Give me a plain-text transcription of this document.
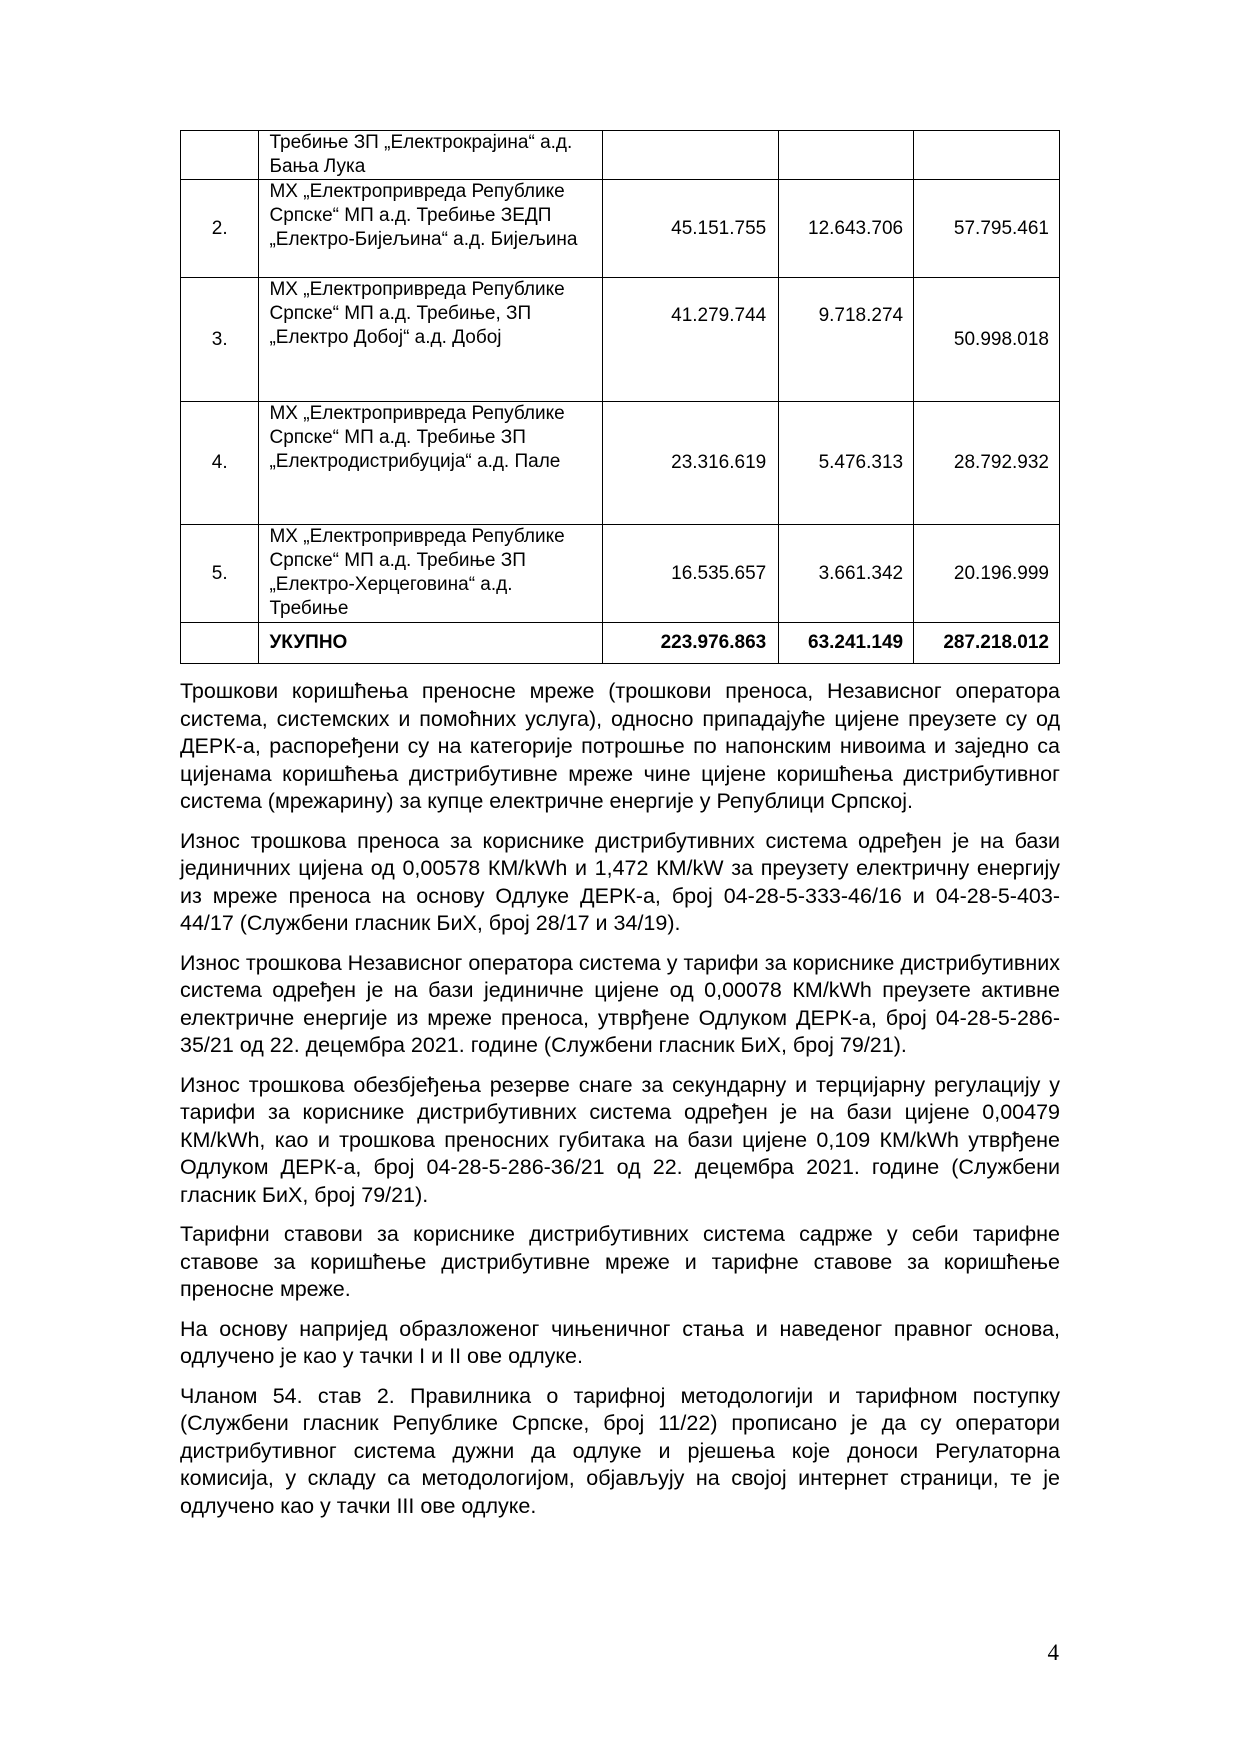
	Требиње ЗП „Електрокрајина“ а.д. Бања Лука			
2.	МХ „Електропривреда Републике Српске“ МП а.д. Требиње ЗЕДП „Електро-Бијељина“ а.д. Бијељина	45.151.755	12.643.706	57.795.461
3.	МХ „Електропривреда Републике Српске“ МП а.д. Требиње, ЗП „Електро Добој“ а.д. Добој	41.279.744	9.718.274	50.998.018
4.	МХ „Електропривреда Републике Српске“ МП а.д. Требиње ЗП „Електродистрибуција“ а.д. Пале	23.316.619	5.476.313	28.792.932
5.	МХ „Електропривреда Републике Српске“ МП а.д. Требиње ЗП „Електро-Херцеговина“ а.д. Требиње	16.535.657	3.661.342	20.196.999
	УКУПНО	223.976.863	63.241.149	287.218.012

Трошкови коришћења преносне мреже (трошкови преноса, Независног оператора система, системских и помоћних услуга), односно припадајуће цијене преузете су од ДЕРК-а, распоређени су на категорије потрошње по напонским нивоима и заједно са цијенама коришћења дистрибутивне мреже чине цијене коришћења дистрибутивног система (мрежарину) за купце електричне енергије у Републици Српској.

Износ трошкова преноса за кориснике дистрибутивних система одређен је на бази јединичних цијена од 0,00578 КМ/kWh и 1,472 КМ/kW за преузету електричну енергију из мреже преноса на основу Одлуке ДЕРК-а, број 04-28-5-333-46/16 и 04-28-5-403-44/17 (Службени гласник БиХ, број 28/17 и 34/19).

Износ трошкова Независног оператора система у тарифи за кориснике дистрибутивних система одређен је на бази јединичне цијене од 0,00078 КМ/kWh преузете активне електричне енергије из мреже преноса, утврђене Одлуком ДЕРК-а, број 04-28-5-286-35/21 од 22. децембра 2021. године (Службени гласник БиХ, број 79/21).

Износ трошкова обезбјеђења резерве снаге за секундарну и терцијарну регулацију у тарифи за кориснике дистрибутивних система одређен је на бази цијене 0,00479 КМ/kWh, као и трошкова преносних губитака на бази цијене 0,109 КМ/kWh утврђене Одлуком ДЕРК-а, број 04-28-5-286-36/21 од 22. децембра 2021. године (Службени гласник БиХ, број 79/21).

Тарифни ставови за кориснике дистрибутивних система садрже у себи тарифне ставове за коришћење дистрибутивне мреже и тарифне ставове за коришћење преносне мреже.

На основу напријед образложеног чињеничног стања и наведеног правног основа, одлучено је као у тачки I и II ове одлуке.

Чланом 54. став 2. Правилника о тарифној методологији и тарифном поступку (Службени гласник Републике Српске, број 11/22) прописано је да су оператори дистрибутивног система дужни да одлуке и рјешења које доноси Регулаторна комисија, у складу са методологијом, објављују на својој интернет страници, те је одлучено као у тачки III ове одлуке.

4
